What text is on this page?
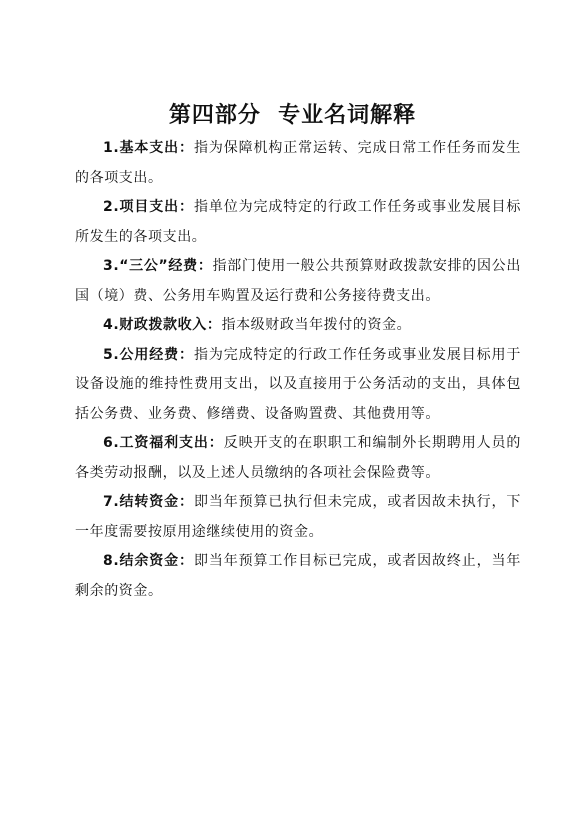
第四部分  专业名词解释

1.基本支出：指为保障机构正常运转、完成日常工作任务而发生的各项支出。

2.项目支出：指单位为完成特定的行政工作任务或事业发展目标所发生的各项支出。

3.“三公”经费：指部门使用一般公共预算财政拨款安排的因公出国（境）费、公务用车购置及运行费和公务接待费支出。

4.财政拨款收入：指本级财政当年拨付的资金。

5.公用经费：指为完成特定的行政工作任务或事业发展目标用于设备设施的维持性费用支出，以及直接用于公务活动的支出，具体包括公务费、业务费、修缮费、设备购置费、其他费用等。

6.工资福利支出：反映开支的在职职工和编制外长期聘用人员的各类劳动报酬，以及上述人员缴纳的各项社会保险费等。

7.结转资金：即当年预算已执行但未完成，或者因故未执行，下一年度需要按原用途继续使用的资金。

8.结余资金：即当年预算工作目标已完成，或者因故终止，当年剩余的资金。
